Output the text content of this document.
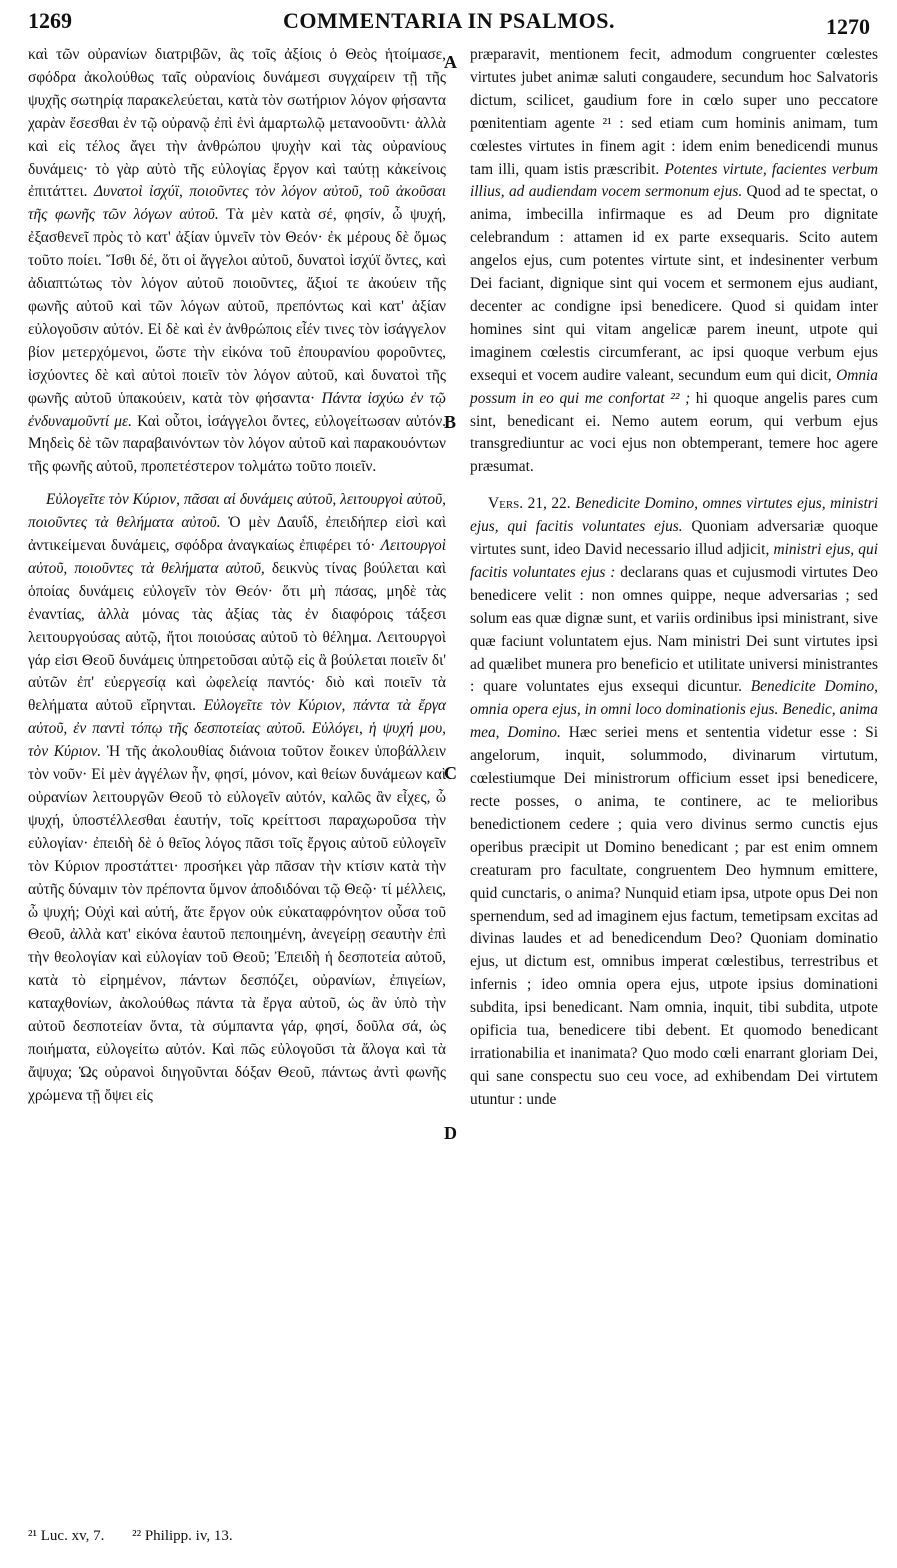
1269	COMMENTARIA IN PSALMOS.	1270

καὶ τῶν οὐρανίων διατριβῶν, ἃς τοῖς ἀξίοις ὁ Θεὸς ἡτοίμασε, σφόδρα ἀκολούθως ταῖς οὐρανίοις δυνάμεσι συγχαίρειν τῇ τῆς ψυχῆς σωτηρίᾳ παρακελεύεται, κατὰ τὸν σωτήριον λόγον φήσαντα χαρὰν ἔσεσθαι ἐν τῷ οὐρανῷ ἐπὶ ἑνὶ ἁμαρτωλῷ μετανοοῦντι· ἀλλὰ καὶ εἰς τέλος ἄγει τὴν ἀνθρώπου ψυχὴν καὶ τὰς οὐρανίους δυνάμεις· τὸ γὰρ αὐτὸ τῆς εὐλογίας ἔργον καὶ ταύτῃ κἀκείνοις ἐπιτάττει. Δυνατοὶ ἰσχύϊ, ποιοῦντες τὸν λόγον αὐτοῦ, τοῦ ἀκοῦσαι τῆς φωνῆς τῶν λόγων αὐτοῦ. Τὰ μὲν κατὰ σέ, φησίν, ὦ ψυχή, ἐξασθενεῖ πρὸς τὸ κατ' ἀξίαν ὑμνεῖν τὸν Θεόν· ἐκ μέρους δὲ ὅμως τοῦτο ποίει. Ἴσθι δέ, ὅτι οἱ ἄγγελοι αὐτοῦ, δυνατοὶ ἰσχύϊ ὄντες, καὶ ἀδιαπτώτως τὸν λόγον αὐτοῦ ποιοῦντες, ἄξιοί τε ἀκούειν τῆς φωνῆς αὐτοῦ καὶ τῶν λόγων αὐτοῦ, πρεπόντως καὶ κατ' ἀξίαν εὐλογοῦσιν αὐτόν. Εἰ δὲ καὶ ἐν ἀνθρώποις εἶέν τινες τὸν ἰσάγγελον βίον μετερχόμενοι, ὥστε τὴν εἰκόνα τοῦ ἐπουρανίου φοροῦντες, ἰσχύοντες δὲ καὶ αὐτοὶ ποιεῖν τὸν λόγον αὐτοῦ, καὶ δυνατοὶ τῆς φωνῆς αὐτοῦ ὑπακούειν, κατὰ τὸν φήσαντα· Πάντα ἰσχύω ἐν τῷ ἐνδυναμοῦντί με. Καὶ οὗτοι, ἰσάγγελοι ὄντες, εὐλογείτωσαν αὐτόν. Μηδεὶς δὲ τῶν παραβαινόντων τὸν λόγον αὐτοῦ καὶ παρακουόντων τῆς φωνῆς αὐτοῦ, προπετέστερον τολμάτω τοῦτο ποιεῖν.

Εὐλογεῖτε τὸν Κύριον, πᾶσαι αἱ δυνάμεις αὐτοῦ, λειτουργοὶ αὐτοῦ, ποιοῦντες τὰ θελήματα αὐτοῦ. Ὁ μὲν Δαυΐδ, ἐπειδήπερ εἰσὶ καὶ ἀντικείμεναι δυνάμεις, σφόδρα ἀναγκαίως ἐπιφέρει τό· Λειτουργοὶ αὐτοῦ, ποιοῦντες τὰ θελήματα αὐτοῦ, δεικνὺς τίνας βούλεται καὶ ὁποίας δυνάμεις εὐλογεῖν τὸν Θεόν· ὅτι μὴ πάσας, μηδὲ τὰς ἐναντίας, ἀλλὰ μόνας τὰς ἀξίας τὰς ἐν διαφόροις τάξεσι λειτουργούσας αὐτῷ, ἤτοι ποιούσας αὐτοῦ τὸ θέλημα. Λειτουργοὶ γάρ εἰσι Θεοῦ δυνάμεις ὑπηρετοῦσαι αὐτῷ εἰς ἃ βούλεται ποιεῖν δι' αὐτῶν ἐπ' εὐεργεσίᾳ καὶ ὠφελείᾳ παντός· διὸ καὶ ποιεῖν τὰ θελήματα αὐτοῦ εἴρηνται. Εὐλογεῖτε τὸν Κύριον, πάντα τὰ ἔργα αὐτοῦ, ἐν παντὶ τόπῳ τῆς δεσποτείας αὐτοῦ. Εὐλόγει, ἡ ψυχή μου, τὸν Κύριον. Ἡ τῆς ἀκολουθίας διάνοια τοῦτον ἔοικεν ὑποβάλλειν τὸν νοῦν· Εἰ μὲν ἀγγέλων ἦν, φησί, μόνον, καὶ θείων δυνάμεων καὶ οὐρανίων λειτουργῶν Θεοῦ τὸ εὐλογεῖν αὐτόν, καλῶς ἂν εἶχες, ὦ ψυχή, ὑποστέλλεσθαι ἑαυτήν, τοῖς κρείττοσι παραχωροῦσα τὴν εὐλογίαν· ἐπειδὴ δὲ ὁ θεῖος λόγος πᾶσι τοῖς ἔργοις αὐτοῦ εὐλογεῖν τὸν Κύριον προστάττει· προσήκει γὰρ πᾶσαν τὴν κτίσιν κατὰ τὴν αὐτῆς δύναμιν τὸν πρέποντα ὕμνον ἀποδιδόναι τῷ Θεῷ· τί μέλλεις, ὦ ψυχή; Οὐχὶ καὶ αὐτή, ἅτε ἔργον οὐκ εὐκαταφρόνητον οὖσα τοῦ Θεοῦ, ἀλλὰ κατ' εἰκόνα ἑαυτοῦ πεποιημένη, ἀνεγείρῃ σεαυτὴν ἐπὶ τὴν θεολογίαν καὶ εὐλογίαν τοῦ Θεοῦ; Ἐπειδὴ ἡ δεσποτεία αὐτοῦ, κατὰ τὸ εἰρημένον, πάντων δεσπόζει, οὐρανίων, ἐπιγείων, καταχθονίων, ἀκολούθως πάντα τὰ ἔργα αὐτοῦ, ὡς ἂν ὑπὸ τὴν αὐτοῦ δεσποτείαν ὄντα, τὰ σύμπαντα γάρ, φησί, δοῦλα σά, ὡς ποιήματα, εὐλογείτω αὐτόν. Καὶ πῶς εὐλογοῦσι τὰ ἄλογα καὶ τὰ ἄψυχα; Ὡς οὐρανοὶ διηγοῦνται δόξαν Θεοῦ, πάντως ἀντὶ φωνῆς χρώμενα τῇ ὄψει εἰς

A
B
C
D

præparavit, mentionem fecit, admodum congruenter cœlestes virtutes jubet animæ saluti congaudere, secundum hoc Salvatoris dictum, scilicet, gaudium fore in cœlo super uno peccatore pœnitentiam agente ²¹ : sed etiam cum hominis animam, tum cœlestes virtutes in finem agit : idem enim benedicendi munus tam illi, quam istis præscribit. Potentes virtute, facientes verbum illius, ad audiendam vocem sermonum ejus. Quod ad te spectat, o anima, imbecilla infirmaque es ad Deum pro dignitate celebrandum : attamen id ex parte exsequaris. Scito autem angelos ejus, cum potentes virtute sint, et indesinenter verbum Dei faciant, dignique sint qui vocem et sermonem ejus audiant, decenter ac condigne ipsi benedicere. Quod si quidam inter homines sint qui vitam angelicæ parem ineunt, utpote qui imaginem cœlestis circumferant, ac ipsi quoque verbum ejus exsequi et vocem audire valeant, secundum eum qui dicit, Omnia possum in eo qui me confortat ²² ; hi quoque angelis pares cum sint, benedicant ei. Nemo autem eorum, qui verbum ejus transgrediuntur ac voci ejus non obtemperant, temere hoc agere præsumat.

Vers. 21, 22. Benedicite Domino, omnes virtutes ejus, ministri ejus, qui facitis voluntates ejus. Quoniam adversariæ quoque virtutes sunt, ideo David necessario illud adjicit, ministri ejus, qui facitis voluntates ejus : declarans quas et cujusmodi virtutes Deo benedicere velit : non omnes quippe, neque adversarias ; sed solum eas quæ dignæ sunt, et variis ordinibus ipsi ministrant, sive quæ faciunt voluntatem ejus. Nam ministri Dei sunt virtutes ipsi ad quælibet munera pro beneficio et utilitate universi ministrantes : quare voluntates ejus exsequi dicuntur. Benedicite Domino, omnia opera ejus, in omni loco dominationis ejus. Benedic, anima mea, Domino. Hæc seriei mens et sententia videtur esse : Si angelorum, inquit, solummodo, divinarum virtutum, cœlestiumque Dei ministrorum officium esset ipsi benedicere, recte posses, o anima, te continere, ac te melioribus benedictionem cedere ; quia vero divinus sermo cunctis ejus operibus præcipit ut Domino benedicant ; par est enim omnem creaturam pro facultate, congruentem Deo hymnum emittere, quid cunctaris, o anima? Nunquid etiam ipsa, utpote opus Dei non spernendum, sed ad imaginem ejus factum, temetipsam excitas ad divinas laudes et ad benedicendum Deo? Quoniam dominatio ejus, ut dictum est, omnibus imperat cœlestibus, terrestribus et infernis ; ideo omnia opera ejus, utpote ipsius dominationi subdita, ipsi benedicant. Nam omnia, inquit, tibi subdita, utpote opificia tua, benedicere tibi debent. Et quomodo benedicant irrationabilia et inanimata? Quo modo cœli enarrant gloriam Dei, qui sane conspectu suo ceu voce, ad exhibendam Dei virtutem utuntur : unde

²¹ Luc. xv, 7. ²² Philipp. iv, 13.
